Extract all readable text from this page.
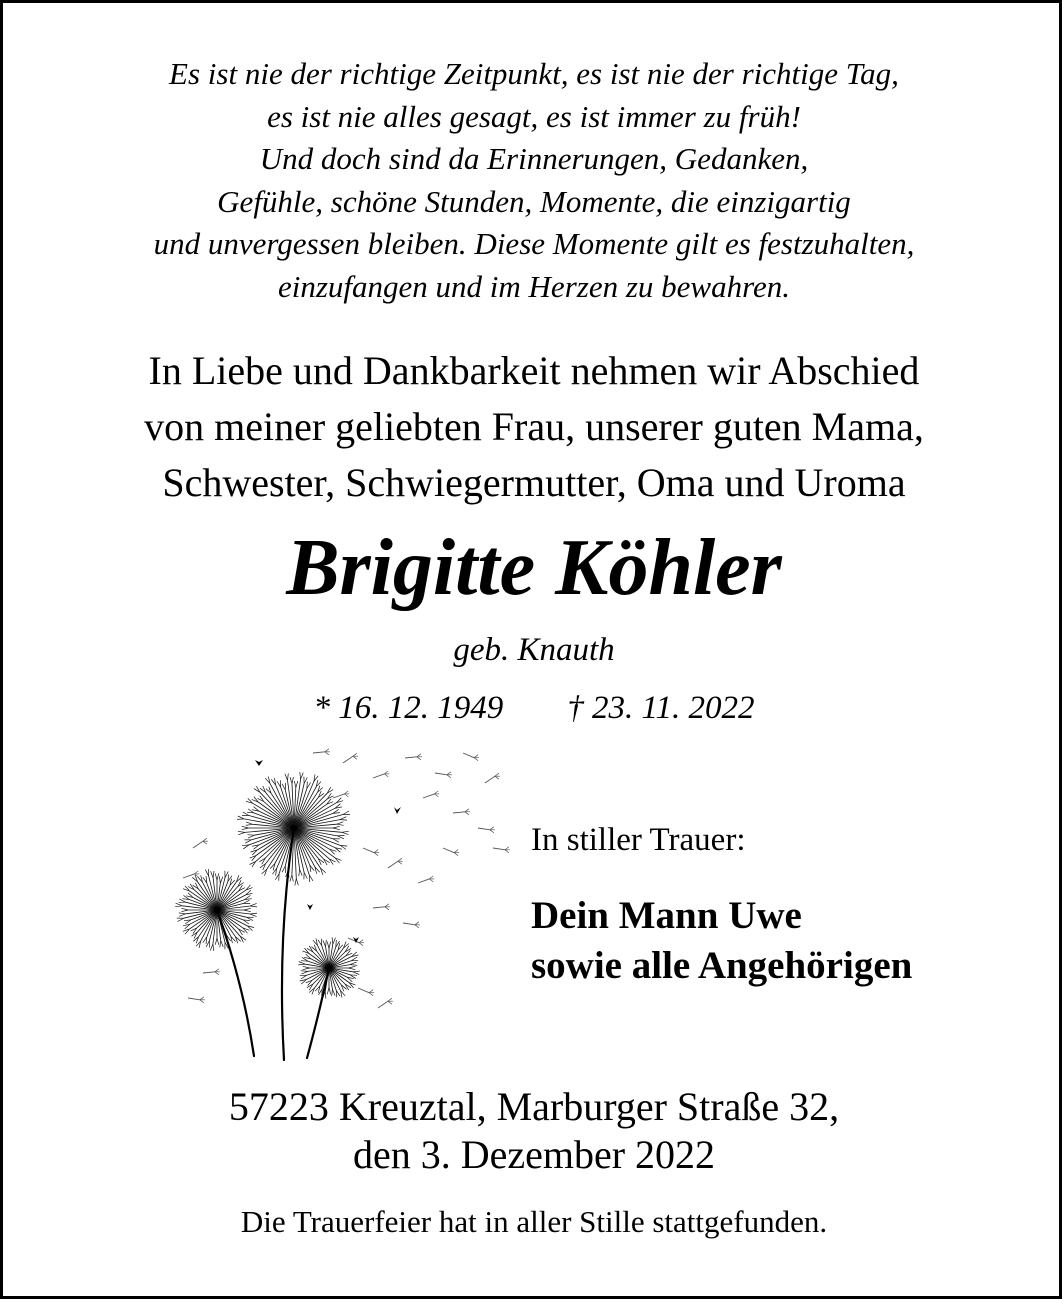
Es ist nie der richtige Zeitpunkt, es ist nie der richtige Tag,
es ist nie alles gesagt, es ist immer zu früh!
Und doch sind da Erinnerungen, Gedanken,
Gefühle, schöne Stunden, Momente, die einzigartig
und unvergessen bleiben. Diese Momente gilt es festzuhalten,
einzufangen und im Herzen zu bewahren.
In Liebe und Dankbarkeit nehmen wir Abschied
von meiner geliebten Frau, unserer guten Mama,
Schwester, Schwiegermutter, Oma und Uroma
Brigitte Köhler
geb. Knauth
* 16. 12. 1949 † 23. 11. 2022
In stiller Trauer:
Dein Mann Uwe
sowie alle Angehörigen
57223 Kreuztal, Marburger Straße 32,
den 3. Dezember 2022
Die Trauerfeier hat in aller Stille stattgefunden.
